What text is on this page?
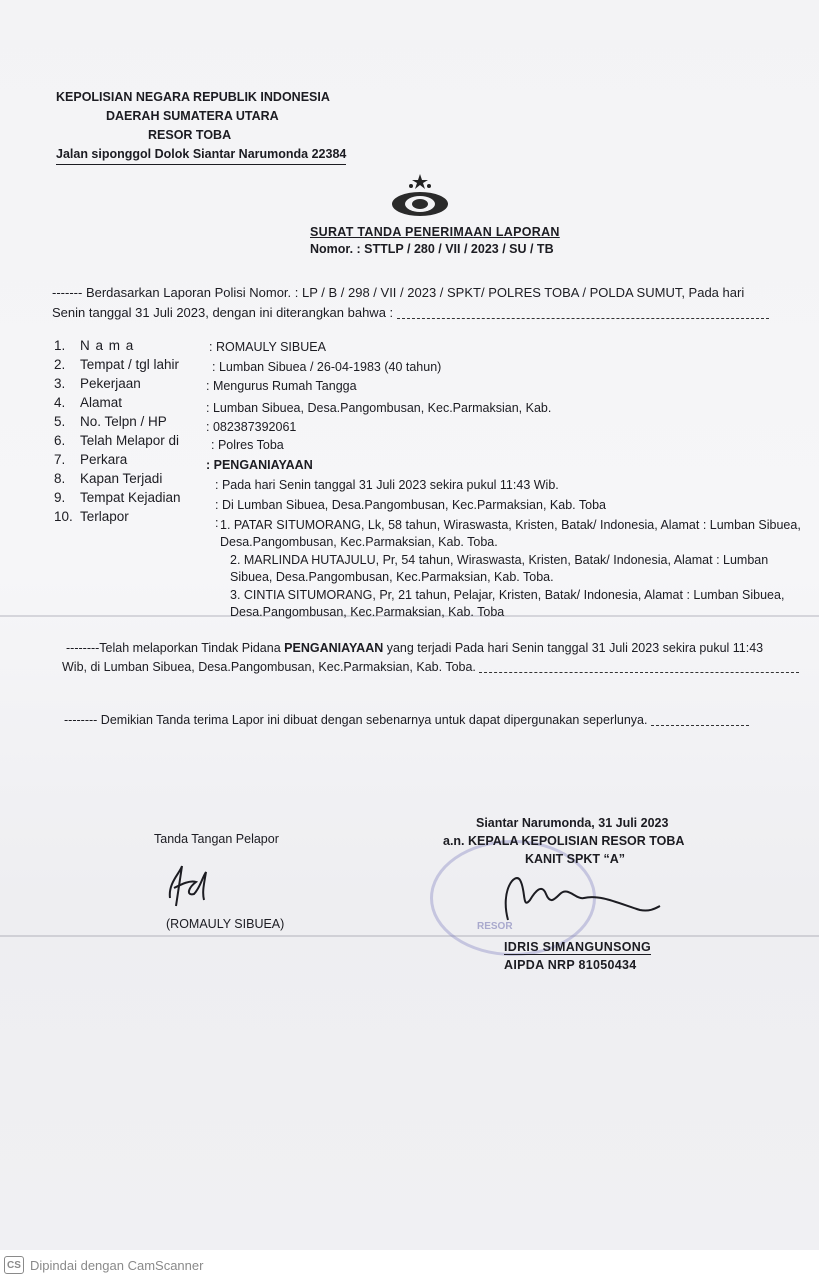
KEPOLISIAN NEGARA REPUBLIK INDONESIA
DAERAH SUMATERA UTARA
RESOR TOBA
Jalan siponggol Dolok Siantar Narumonda 22384
SURAT TANDA PENERIMAAN LAPORAN
Nomor. : STTLP / 280 / VII / 2023 / SU / TB
------- Berdasarkan Laporan Polisi Nomor. : LP / B / 298 / VII / 2023 / SPKT/ POLRES TOBA / POLDA SUMUT, Pada hari
Senin tanggal 31 Juli 2023, dengan ini diterangkan bahwa :
1. N a m a	: ROMAULY SIBUEA
2. Tempat / tgl lahir	: Lumban Sibuea / 26-04-1983 (40 tahun)
3. Pekerjaan	: Mengurus Rumah Tangga
4. Alamat	: Lumban Sibuea, Desa.Pangombusan, Kec.Parmaksian, Kab.
5. No. Telpn / HP	: 082387392061
6. Telah Melapor di	: Polres Toba
7. Perkara	: PENGANIAYAAN
8. Kapan Terjadi	: Pada hari Senin tanggal 31 Juli 2023 sekira pukul 11:43 Wib.
9. Tempat Kejadian	: Di Lumban Sibuea, Desa.Pangombusan, Kec.Parmaksian, Kab. Toba
10. Terlapor	: 1. PATAR SITUMORANG, Lk, 58 tahun, Wiraswasta, Kristen, Batak/ Indonesia, Alamat : Lumban Sibuea, Desa.Pangombusan, Kec.Parmaksian, Kab. Toba.
2. MARLINDA HUTAJULU, Pr, 54 tahun, Wiraswasta, Kristen, Batak/ Indonesia, Alamat : Lumban Sibuea, Desa.Pangombusan, Kec.Parmaksian, Kab. Toba.
3. CINTIA SITUMORANG, Pr, 21 tahun, Pelajar, Kristen, Batak/ Indonesia, Alamat : Lumban Sibuea, Desa.Pangombusan, Kec.Parmaksian, Kab. Toba
--------Telah melaporkan Tindak Pidana PENGANIAYAAN yang terjadi Pada hari Senin tanggal 31 Juli 2023 sekira pukul 11:43
Wib, di Lumban Sibuea, Desa.Pangombusan, Kec.Parmaksian, Kab. Toba.
-------- Demikian Tanda terima Lapor ini dibuat dengan sebenarnya untuk dapat dipergunakan seperlunya.
Tanda Tangan Pelapor
(ROMAULY SIBUEA)	RESOR
Siantar Narumonda, 31 Juli 2023
a.n. KEPALA KEPOLISIAN RESOR TOBA
KANIT SPKT “A”
IDRIS SIMANGUNSONG
AIPDA NRP 81050434
CS Dipindai dengan CamScanner
